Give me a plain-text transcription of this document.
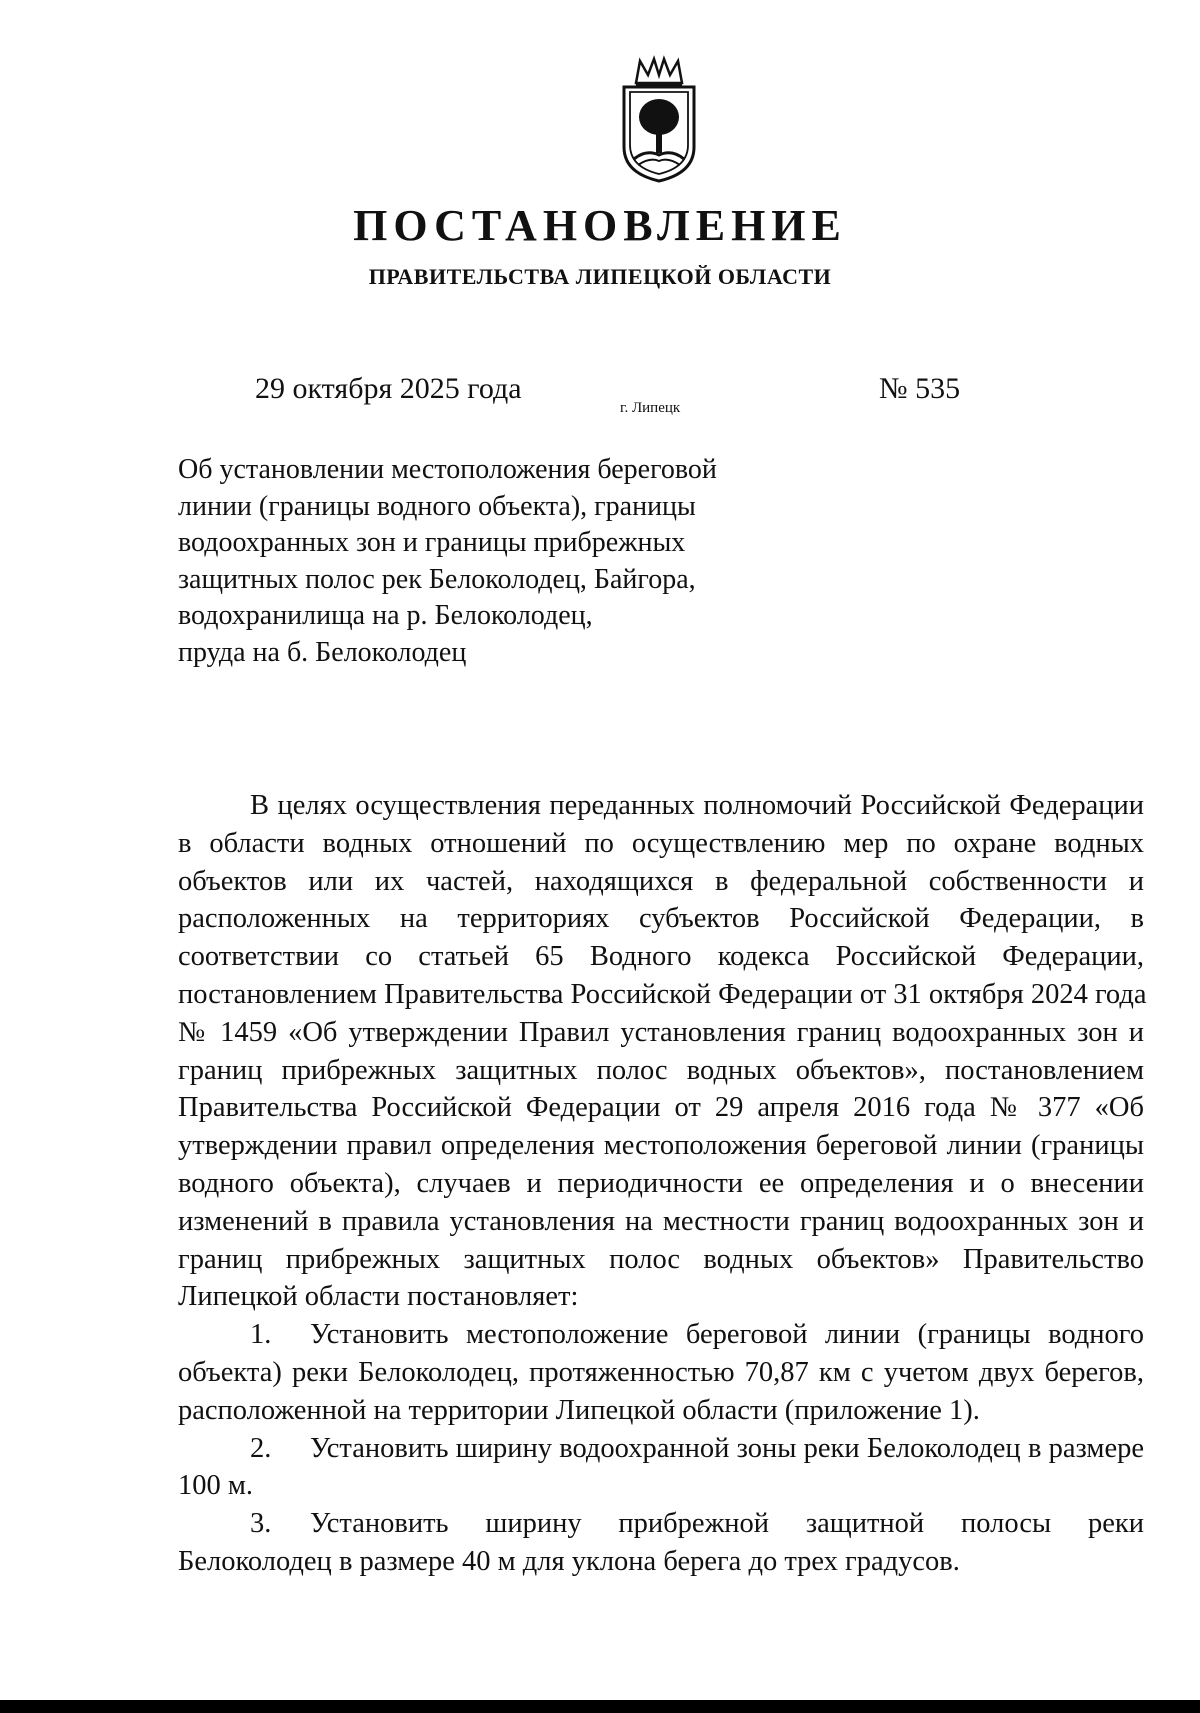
ПОСТАНОВЛЕНИЕ
ПРАВИТЕЛЬСТВА ЛИПЕЦКОЙ ОБЛАСТИ
29 октября 2025 года
г. Липецк
№ 535
Об установлении местоположения береговой
линии (границы водного объекта), границы
водоохранных зон и границы прибрежных
защитных полос рек Белоколодец, Байгора,
водохранилища на р. Белоколодец,
пруда на б. Белоколодец
В целях осуществления переданных полномочий Российской Федерации
в области водных отношений по осуществлению мер по охране водных
объектов или их частей, находящихся в федеральной собственности и
расположенных на территориях субъектов Российской Федерации, в
соответствии со статьей 65 Водного кодекса Российской Федерации,
постановлением Правительства Российской Федерации от 31 октября 2024 года
№ 1459 «Об утверждении Правил установления границ водоохранных зон и
границ прибрежных защитных полос водных объектов», постановлением
Правительства Российской Федерации от 29 апреля 2016 года № 377 «Об
утверждении правил определения местоположения береговой линии (границы
водного объекта), случаев и периодичности ее определения и о внесении
изменений в правила установления на местности границ водоохранных зон и
границ прибрежных защитных полос водных объектов» Правительство
Липецкой области постановляет:
1. Установить местоположение береговой линии (границы водного
объекта) реки Белоколодец, протяженностью 70,87 км с учетом двух берегов,
расположенной на территории Липецкой области (приложение 1).
2. Установить ширину водоохранной зоны реки Белоколодец в размере
100 м.
3. Установить ширину прибрежной защитной полосы реки
Белоколодец в размере 40 м для уклона берега до трех градусов.
